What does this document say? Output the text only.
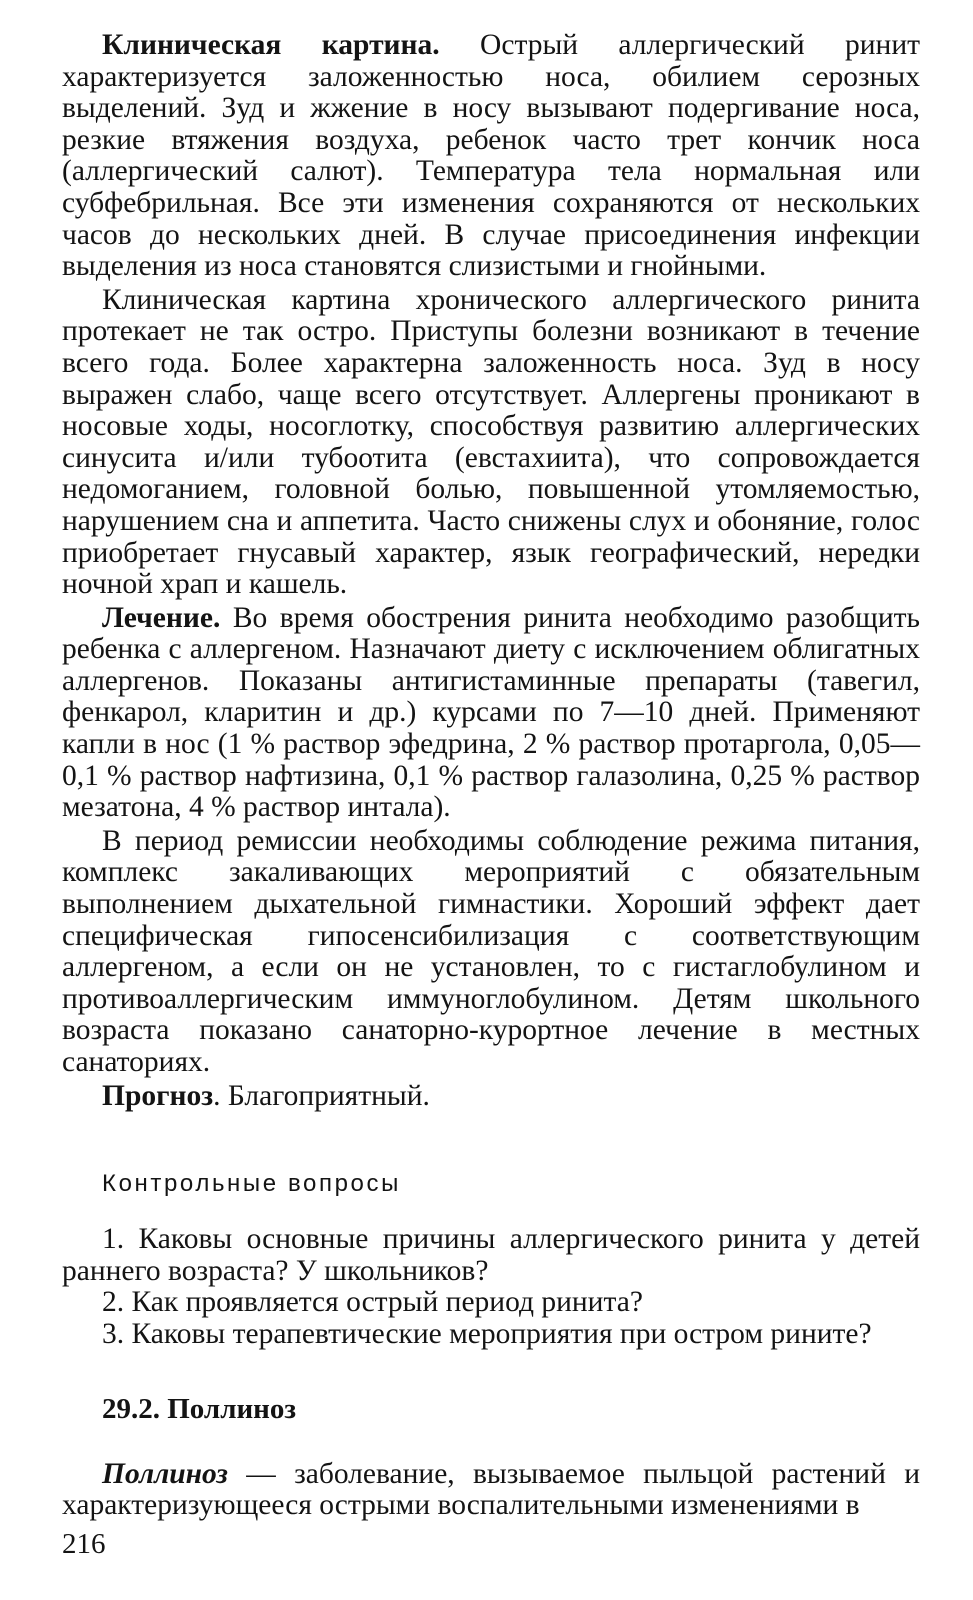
Клиническая картина. Острый аллергический ринит характеризуется заложенностью носа, обилием серозных выделений. Зуд и жжение в носу вызывают подергивание носа, резкие втяжения воздуха, ребенок часто трет кончик носа (аллергический салют). Температура тела нормальная или субфебрильная. Все эти изменения сохраняются от нескольких часов до нескольких дней. В случае присоединения инфекции выделения из носа становятся слизистыми и гнойными.

Клиническая картина хронического аллергического ринита протекает не так остро. Приступы болезни возникают в течение всего года. Более характерна заложенность носа. Зуд в носу выражен слабо, чаще всего отсутствует. Аллергены проникают в носовые ходы, носоглотку, способствуя развитию аллергических синусита и/или тубоотита (евстахиита), что сопровождается недомоганием, головной болью, повышенной утомляемостью, нарушением сна и аппетита. Часто снижены слух и обоняние, голос приобретает гнусавый характер, язык географический, нередки ночной храп и кашель.

Лечение. Во время обострения ринита необходимо разобщить ребенка с аллергеном. Назначают диету с исключением облигатных аллергенов. Показаны антигистаминные препараты (тавегил, фенкарол, кларитин и др.) курсами по 7—10 дней. Применяют капли в нос (1 % раствор эфедрина, 2 % раствор протаргола, 0,05—0,1 % раствор нафтизина, 0,1 % раствор галазолина, 0,25 % раствор мезатона, 4 % раствор интала).

В период ремиссии необходимы соблюдение режима питания, комплекс закаливающих мероприятий с обязательным выполнением дыхательной гимнастики. Хороший эффект дает специфическая гипосенсибилизация с соответствующим аллергеном, а если он не установлен, то с гистаглобулином и противоаллергическим иммуноглобулином. Детям школьного возраста показано санаторно-курортное лечение в местных санаториях.

Прогноз. Благоприятный.

Контрольные вопросы

1. Каковы основные причины аллергического ринита у детей раннего возраста? У школьников?

2. Как проявляется острый период ринита?

3. Каковы терапевтические мероприятия при остром рините?

29.2. Поллиноз

Поллиноз — заболевание, вызываемое пыльцой растений и характеризующееся острыми воспалительными изменениями в

216
